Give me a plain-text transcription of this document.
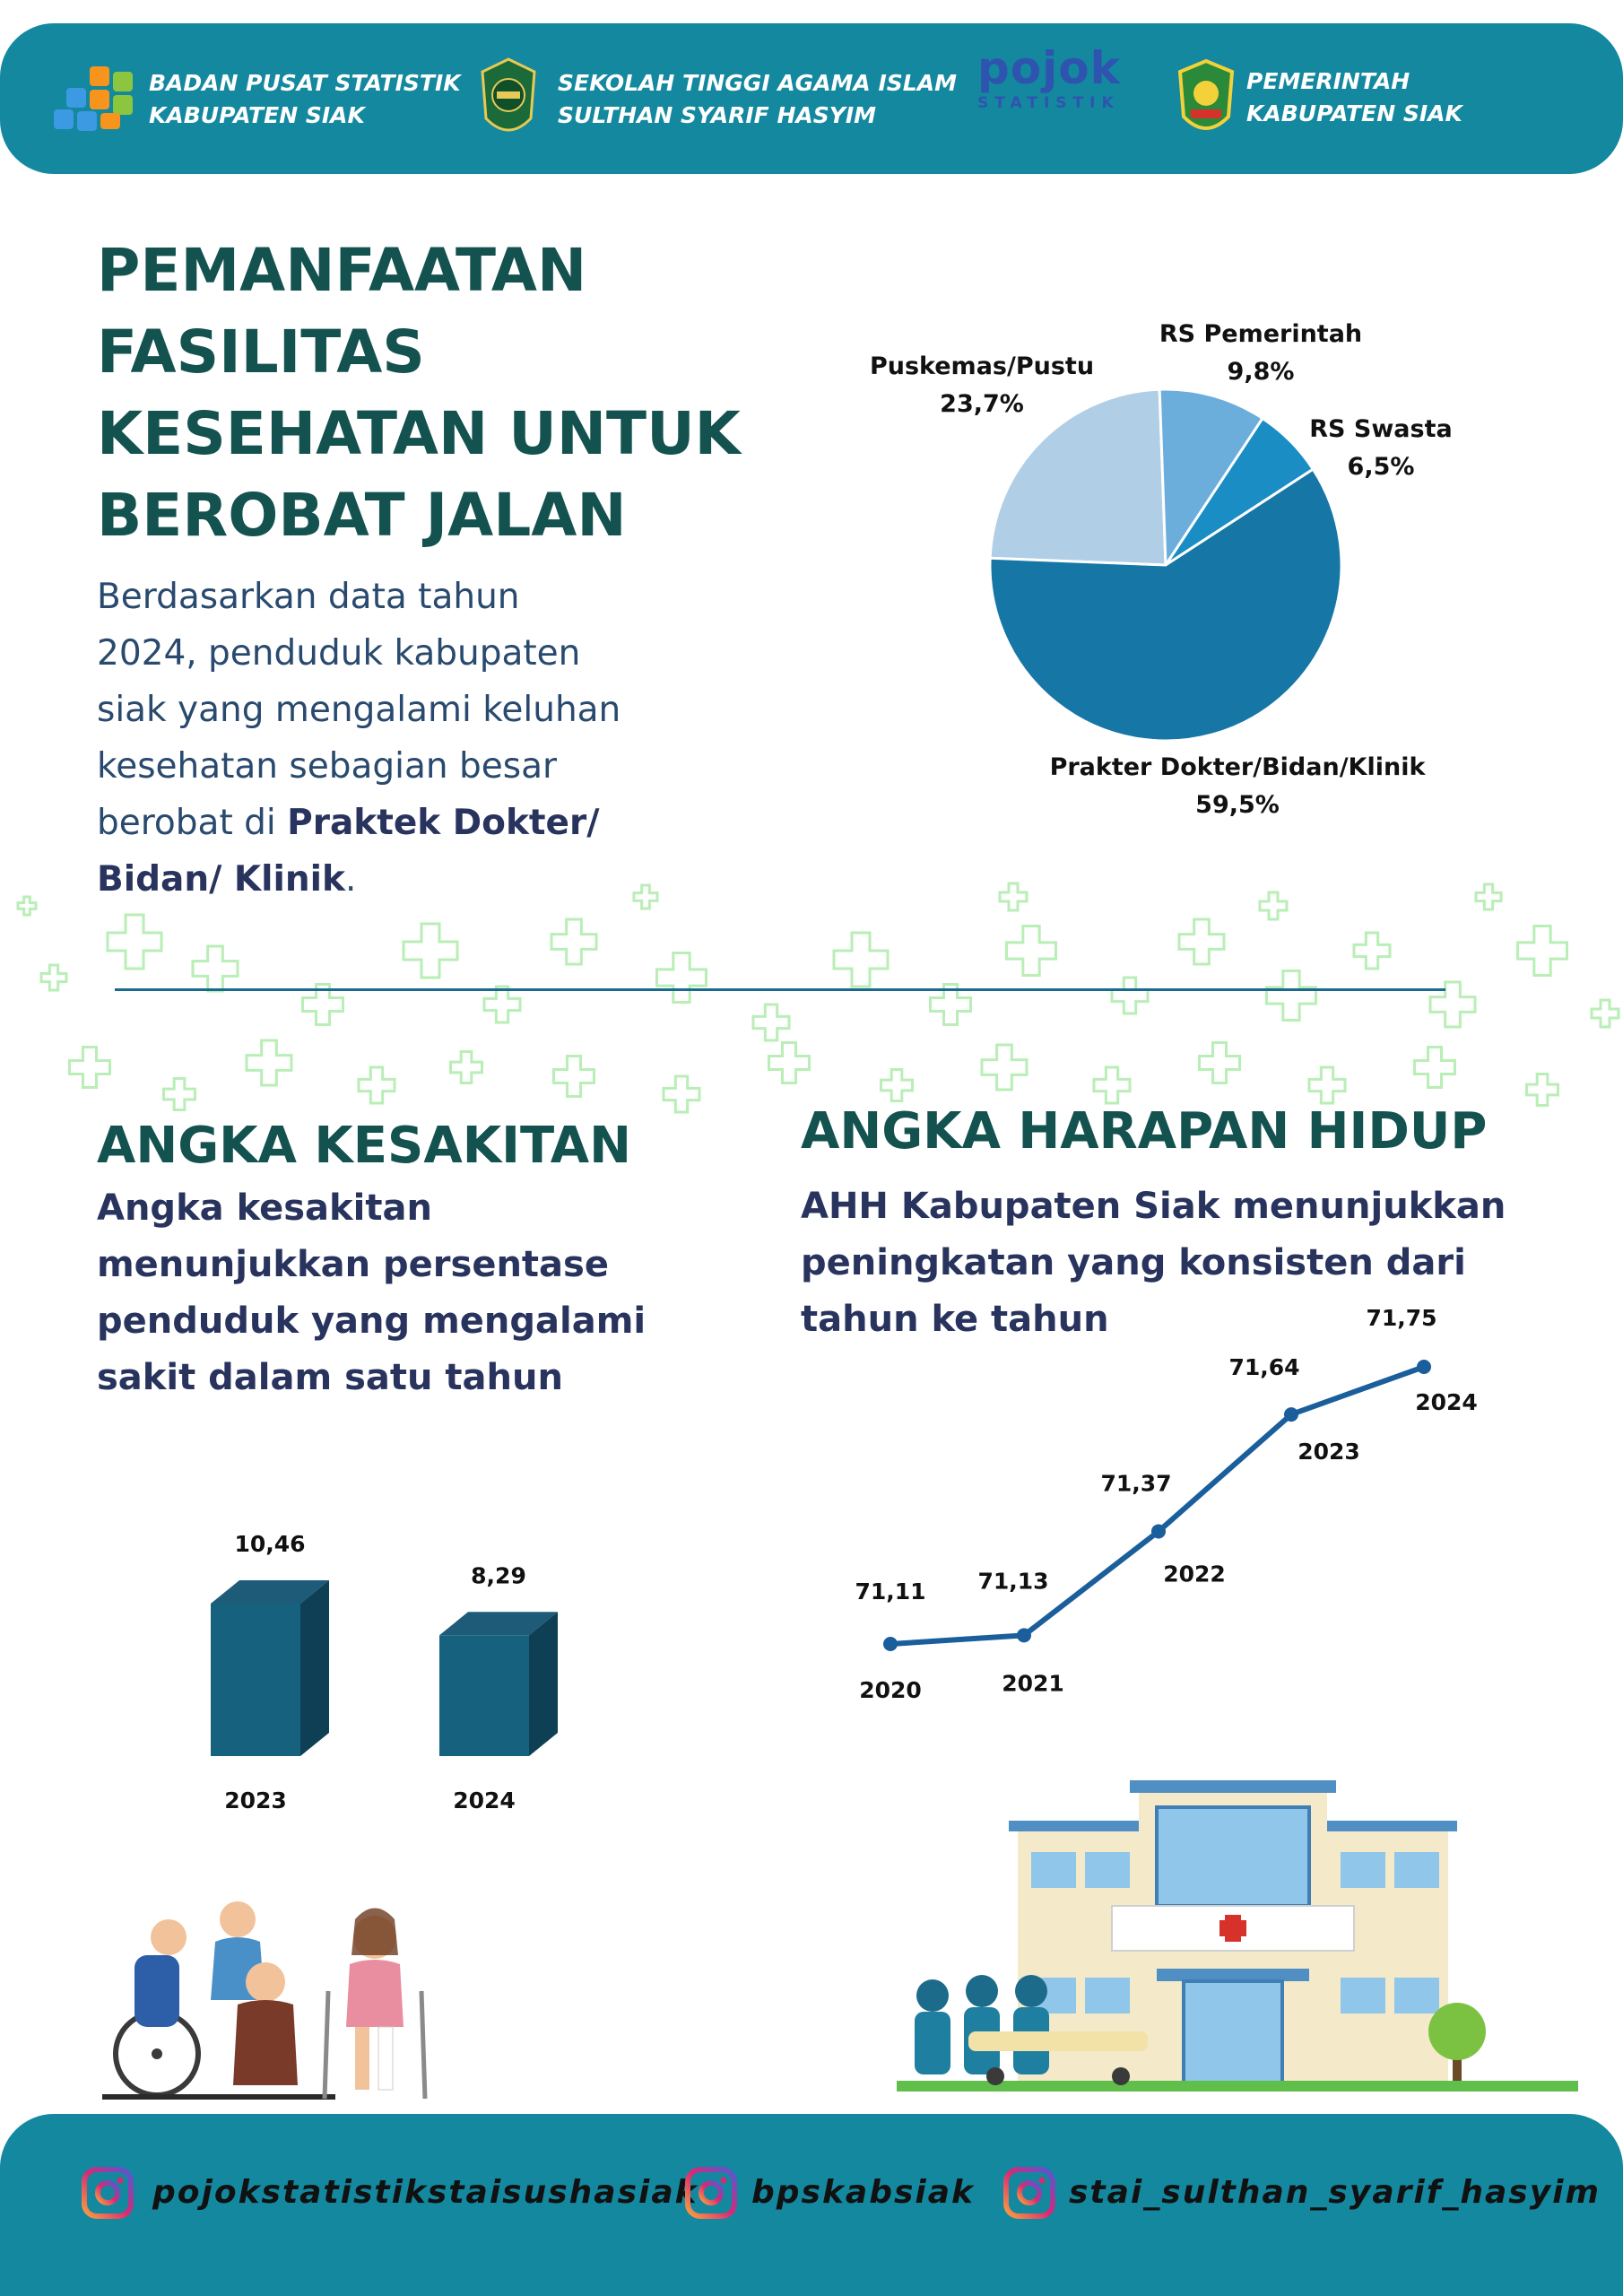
BADAN PUSAT STATISTIK
KABUPATEN SIAK
SEKOLAH TINGGI AGAMA ISLAM
SULTHAN SYARIF HASYIM
pojok
STATISTIK
PEMERINTAH
KABUPATEN SIAK
PEMANFAATAN
FASILITAS
KESEHATAN UNTUK
BEROBAT JALAN
Berdasarkan data tahun
2024, penduduk kabupaten
siak yang mengalami keluhan
kesehatan sebagian besar
berobat di Praktek Dokter/
Bidan/ Klinik.
RS Pemerintah
9,8%
Puskemas/Pustu
23,7%
RS Swasta
6,5%
Prakter Dokter/Bidan/Klinik
59,5%
ANGKA KESAKITAN
Angka kesakitan
menunjukkan persentase
penduduk yang mengalami
sakit dalam satu tahun
10,46
2023
8,29
2024
ANGKA HARAPAN HIDUP
AHH Kabupaten Siak menunjukkan
peningkatan yang konsisten dari
tahun ke tahun
71,11
2020
71,13
2021
71,37
2022
71,64
2023
71,75
2024
pojokstatistikstaisushasiak bpskabsiak	stai_sulthan_syarif_hasyim
